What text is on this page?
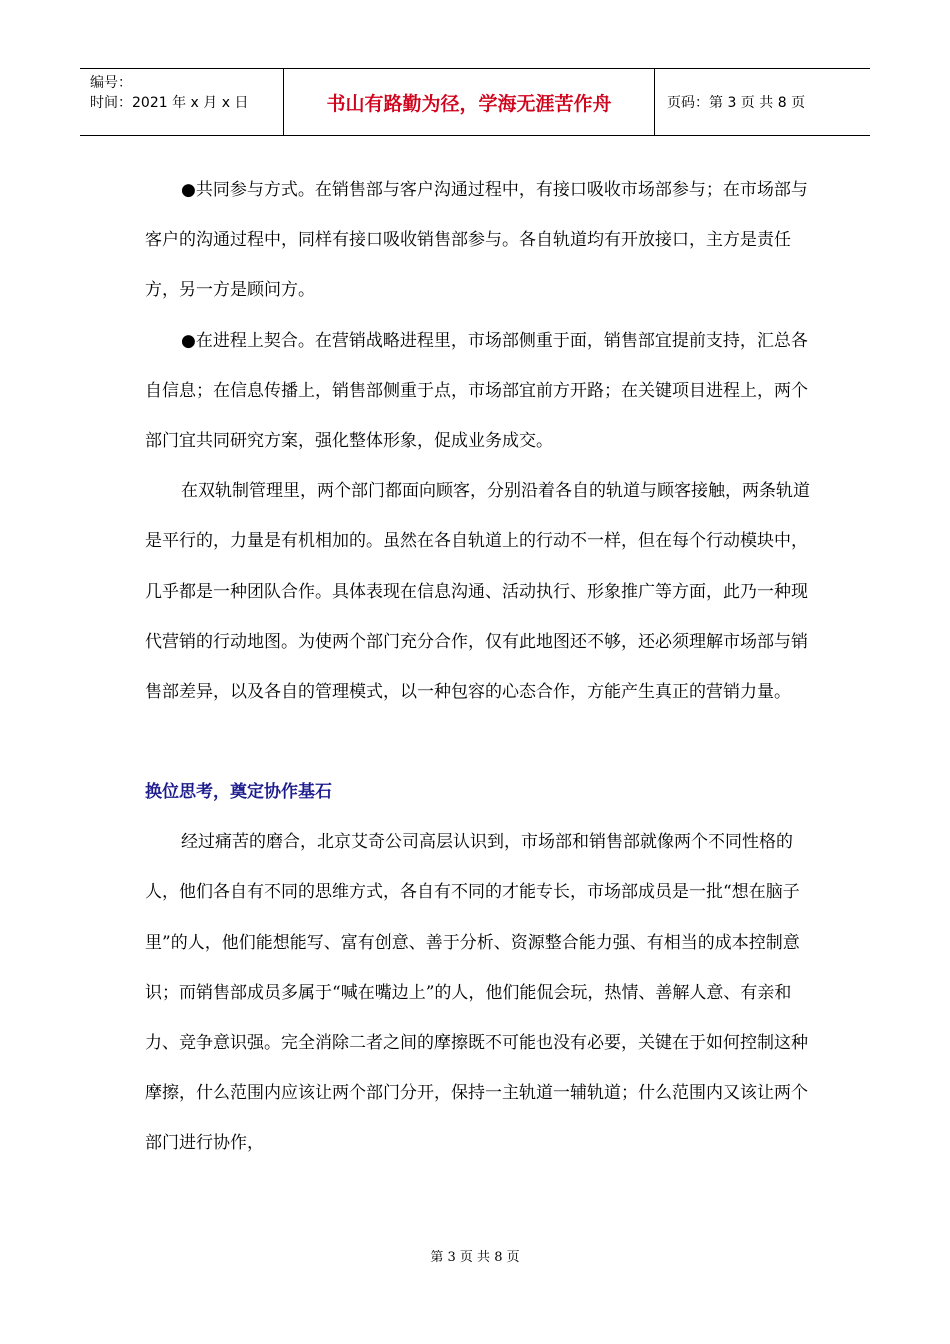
编号：
时间：2021 年 x 月 x 日	书山有路勤为径，学海无涯苦作舟	页码：第 3 页 共 8 页

●共同参与方式。在销售部与客户沟通过程中，有接口吸收市场部参与；在市场部与客户的沟通过程中，同样有接口吸收销售部参与。各自轨道均有开放接口，主方是责任方，另一方是顾问方。

●在进程上契合。在营销战略进程里，市场部侧重于面，销售部宜提前支持，汇总各自信息；在信息传播上，销售部侧重于点，市场部宜前方开路；在关键项目进程上，两个部门宜共同研究方案，强化整体形象，促成业务成交。

在双轨制管理里，两个部门都面向顾客，分别沿着各自的轨道与顾客接触，两条轨道是平行的，力量是有机相加的。虽然在各自轨道上的行动不一样，但在每个行动模块中，几乎都是一种团队合作。具体表现在信息沟通、活动执行、形象推广等方面，此乃一种现代营销的行动地图。为使两个部门充分合作，仅有此地图还不够，还必须理解市场部与销售部差异，以及各自的管理模式，以一种包容的心态合作，方能产生真正的营销力量。

换位思考，奠定协作基石

经过痛苦的磨合，北京艾奇公司高层认识到，市场部和销售部就像两个不同性格的人，他们各自有不同的思维方式，各自有不同的才能专长，市场部成员是一批“想在脑子里”的人，他们能想能写、富有创意、善于分析、资源整合能力强、有相当的成本控制意识；而销售部成员多属于“喊在嘴边上”的人，他们能侃会玩，热情、善解人意、有亲和力、竞争意识强。完全消除二者之间的摩擦既不可能也没有必要，关键在于如何控制这种摩擦，什么范围内应该让两个部门分开，保持一主轨道一辅轨道；什么范围内又该让两个部门进行协作，

第 3 页 共 8 页
